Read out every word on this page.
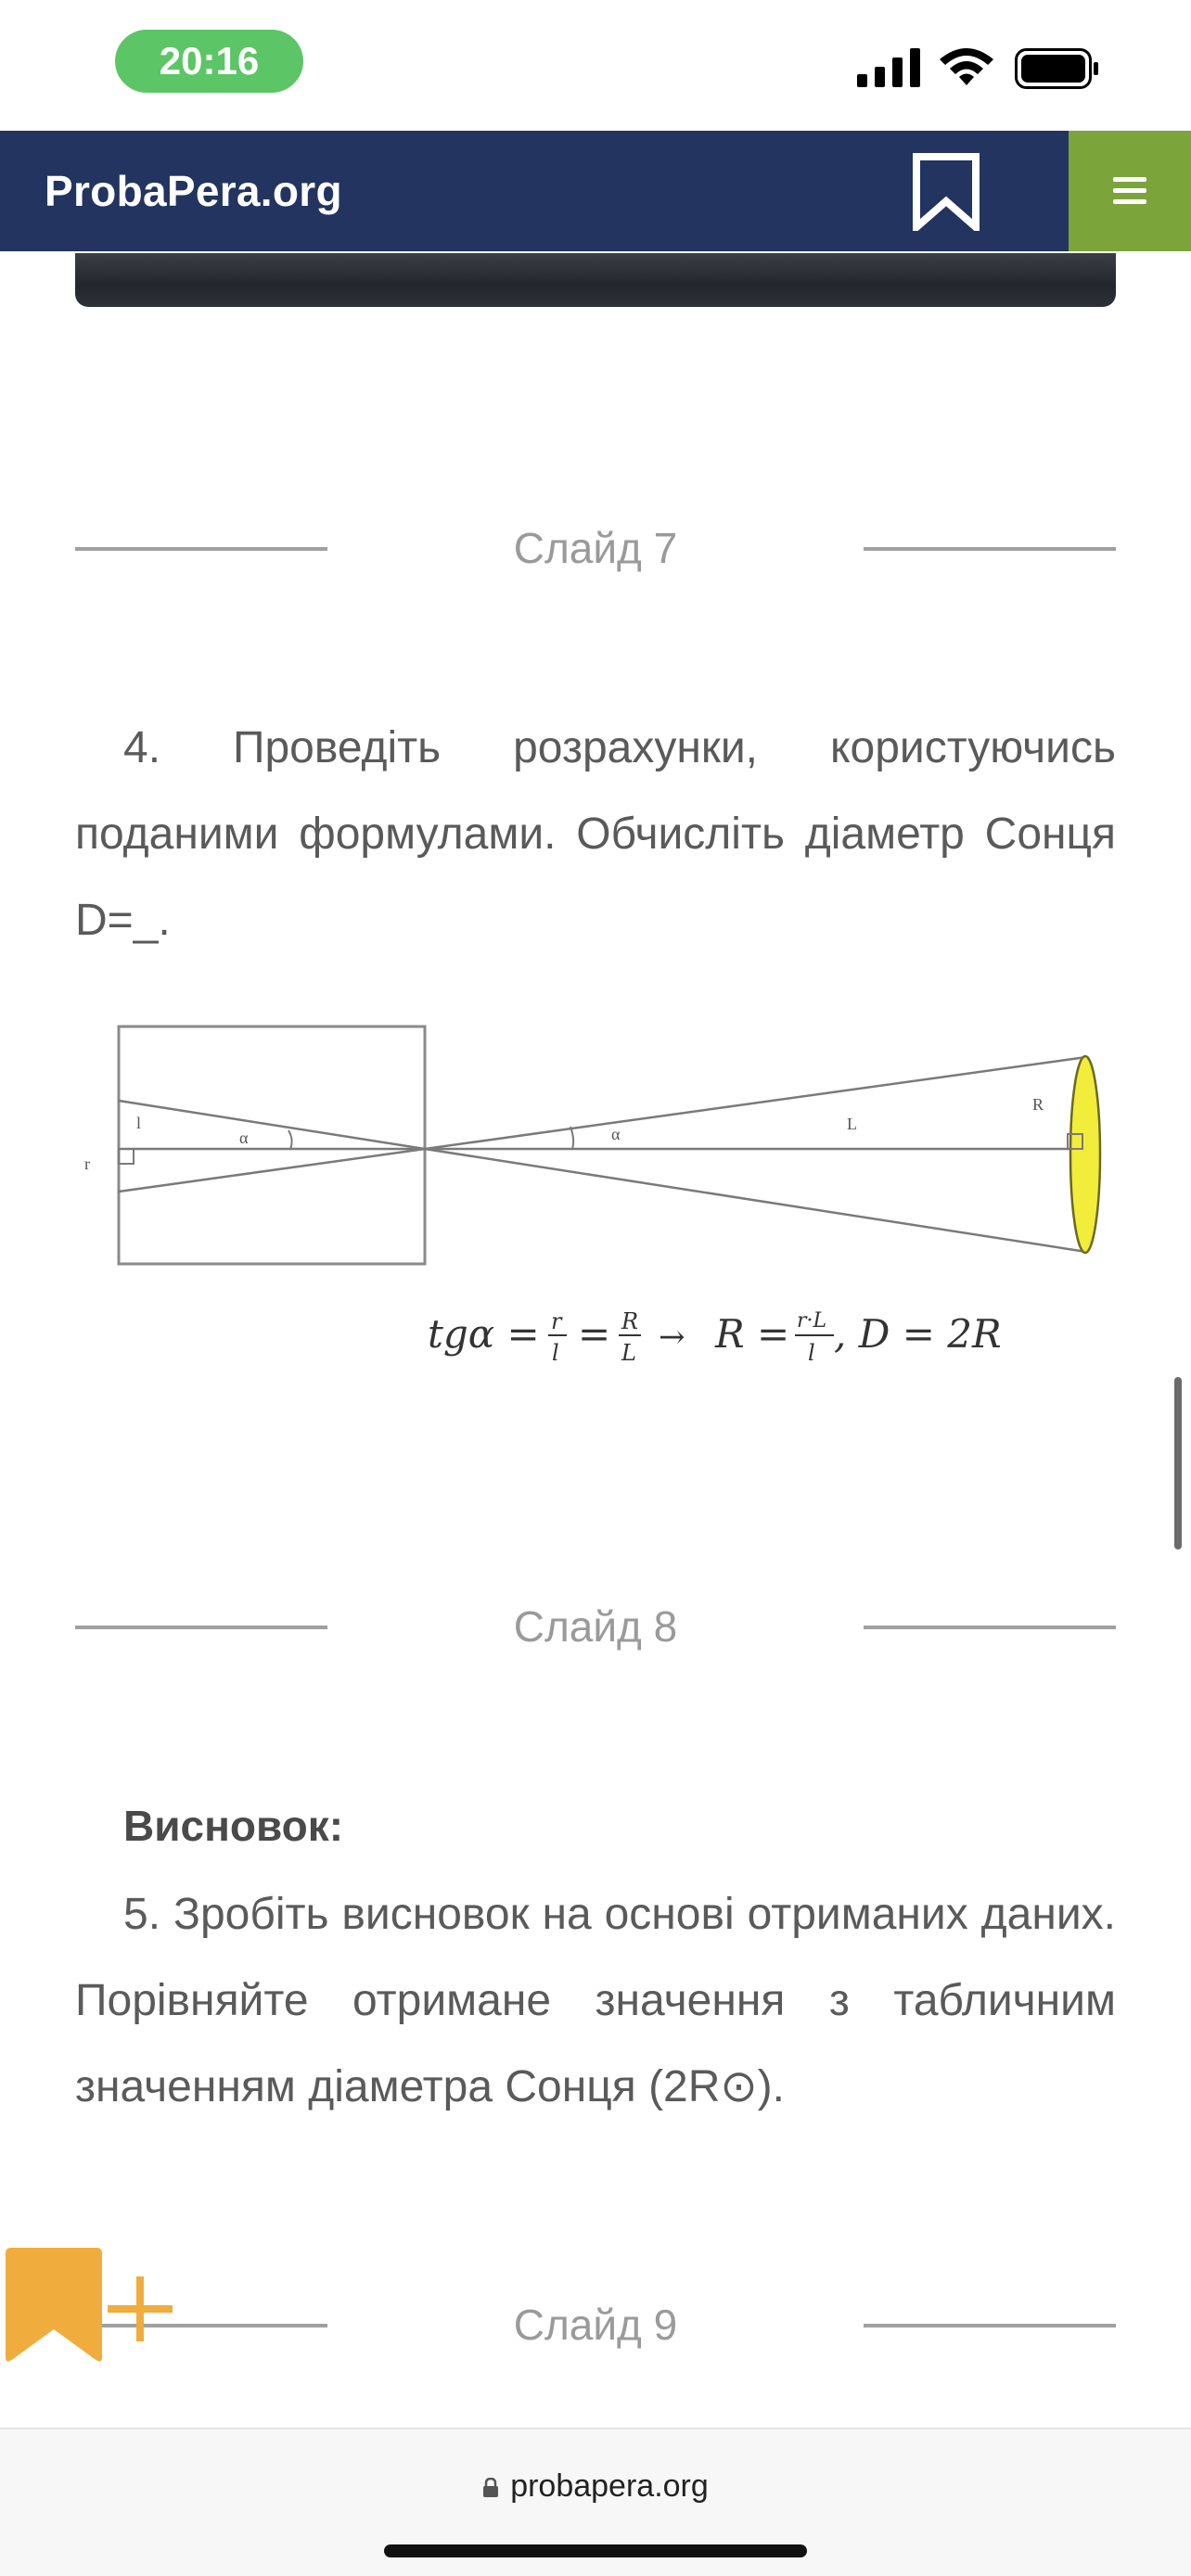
20:16
ProbaPera.org
Слайд 7
4. Проведіть розрахунки, користуючись поданими формулами. Обчисліть діаметр Сонця D=_.
r
l
α	α
L
R
tgα = r
l = R
L → R = r·L
l , D = 2R
Слайд 8
Висновок:
5. Зробіть висновок на основі отриманих даних. Порівняйте отримане значення з табличним значенням діаметра Сонця (2R⊙).
Слайд 9
probapera.org
